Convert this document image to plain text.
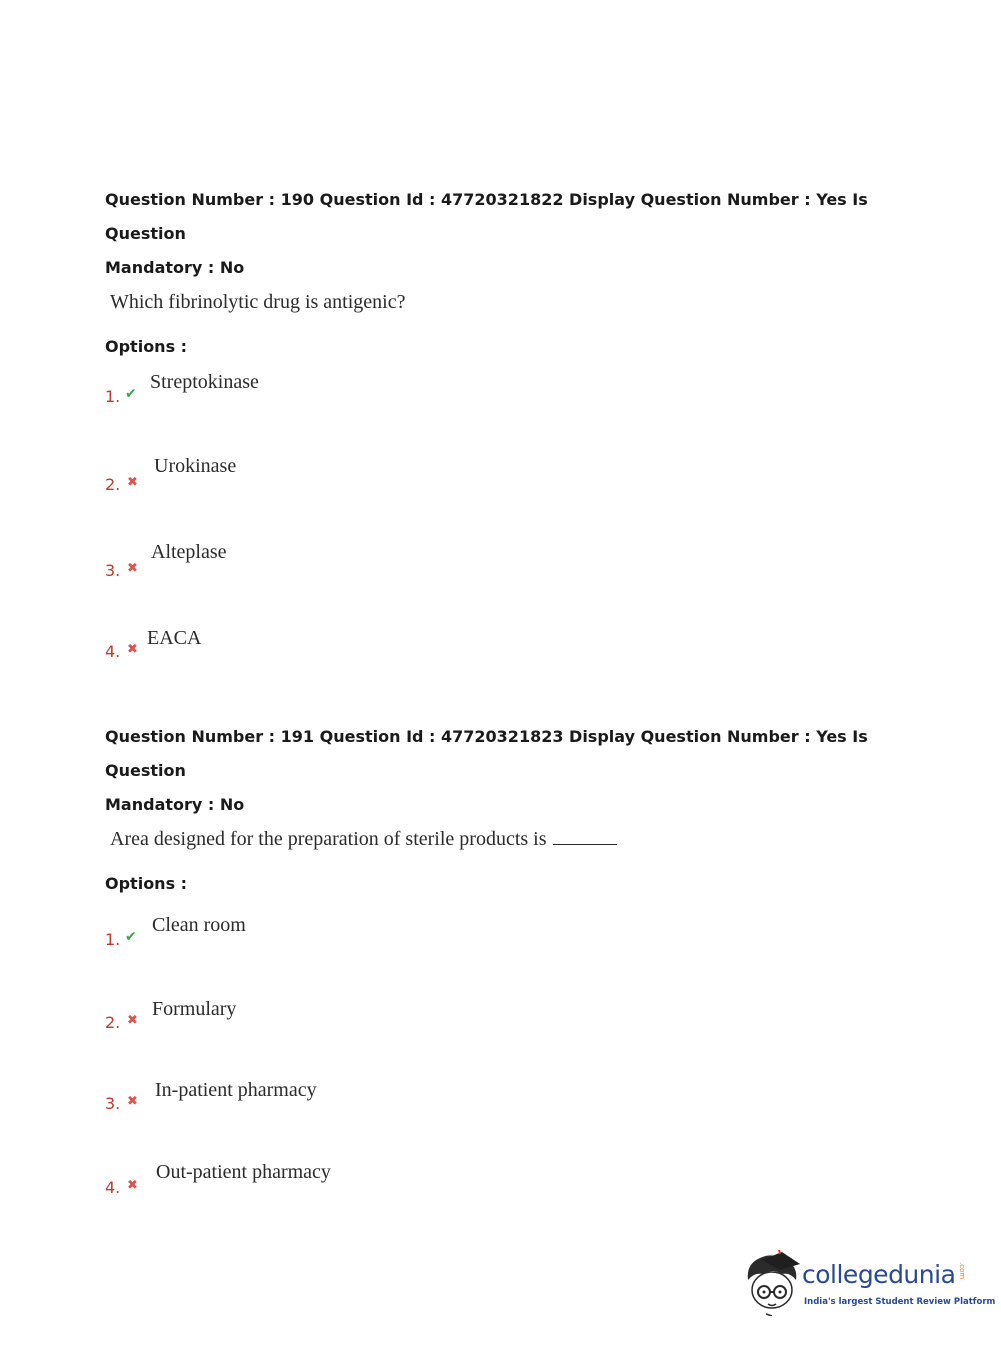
Question Number : 190 Question Id : 47720321822 Display Question Number : Yes Is Question
Mandatory : No
Which fibrinolytic drug is antigenic?
Options :
1. ✔
Streptokinase
2. ✖
Urokinase
3. ✖
Alteplase
4. ✖
EACA
Question Number : 191 Question Id : 47720321823 Display Question Number : Yes Is Question
Mandatory : No
Area designed for the preparation of sterile products is
Options :
1. ✔
Clean room
2. ✖
Formulary
3. ✖
In-patient pharmacy
4. ✖
Out-patient pharmacy
collegedunia .com
India's largest Student Review Platform
